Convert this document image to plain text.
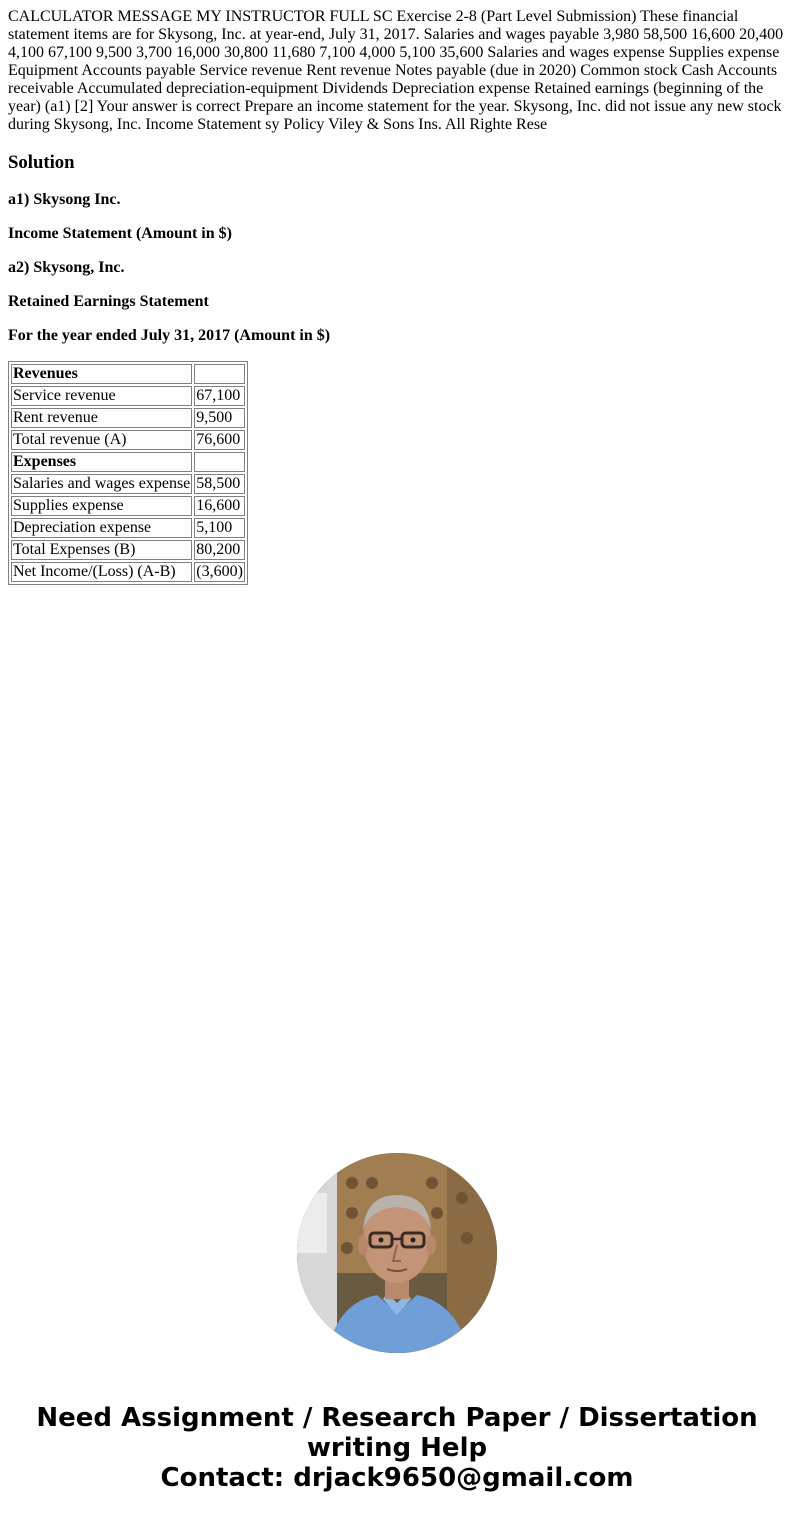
CALCULATOR MESSAGE MY INSTRUCTOR FULL SC Exercise 2-8 (Part Level Submission) These financial statement items are for Skysong, Inc. at year-end, July 31, 2017. Salaries and wages payable 3,980 58,500 16,600 20,400 4,100 67,100 9,500 3,700 16,000 30,800 11,680 7,100 4,000 5,100 35,600 Salaries and wages expense Supplies expense Equipment Accounts payable Service revenue Rent revenue Notes payable (due in 2020) Common stock Cash Accounts receivable Accumulated depreciation-equipment Dividends Depreciation expense Retained earnings (beginning of the year) (a1) [2] Your answer is correct Prepare an income statement for the year. Skysong, Inc. did not issue any new stock during Skysong, Inc. Income Statement sy Policy Viley & Sons Ins. All Righte Rese

Solution

a1) Skysong Inc.

Income Statement (Amount in $)

a2) Skysong, Inc.

Retained Earnings Statement

For the year ended July 31, 2017 (Amount in $)

Revenues	
Service revenue	67,100
Rent revenue	9,500
Total revenue (A)	76,600
Expenses	
Salaries and wages expense	58,500
Supplies expense	16,600
Depreciation expense	5,100
Total Expenses (B)	80,200
Net Income/(Loss) (A-B)	(3,600)
Need Assignment / Research Paper / Dissertation
writing Help
Contact: drjack9650@gmail.com
